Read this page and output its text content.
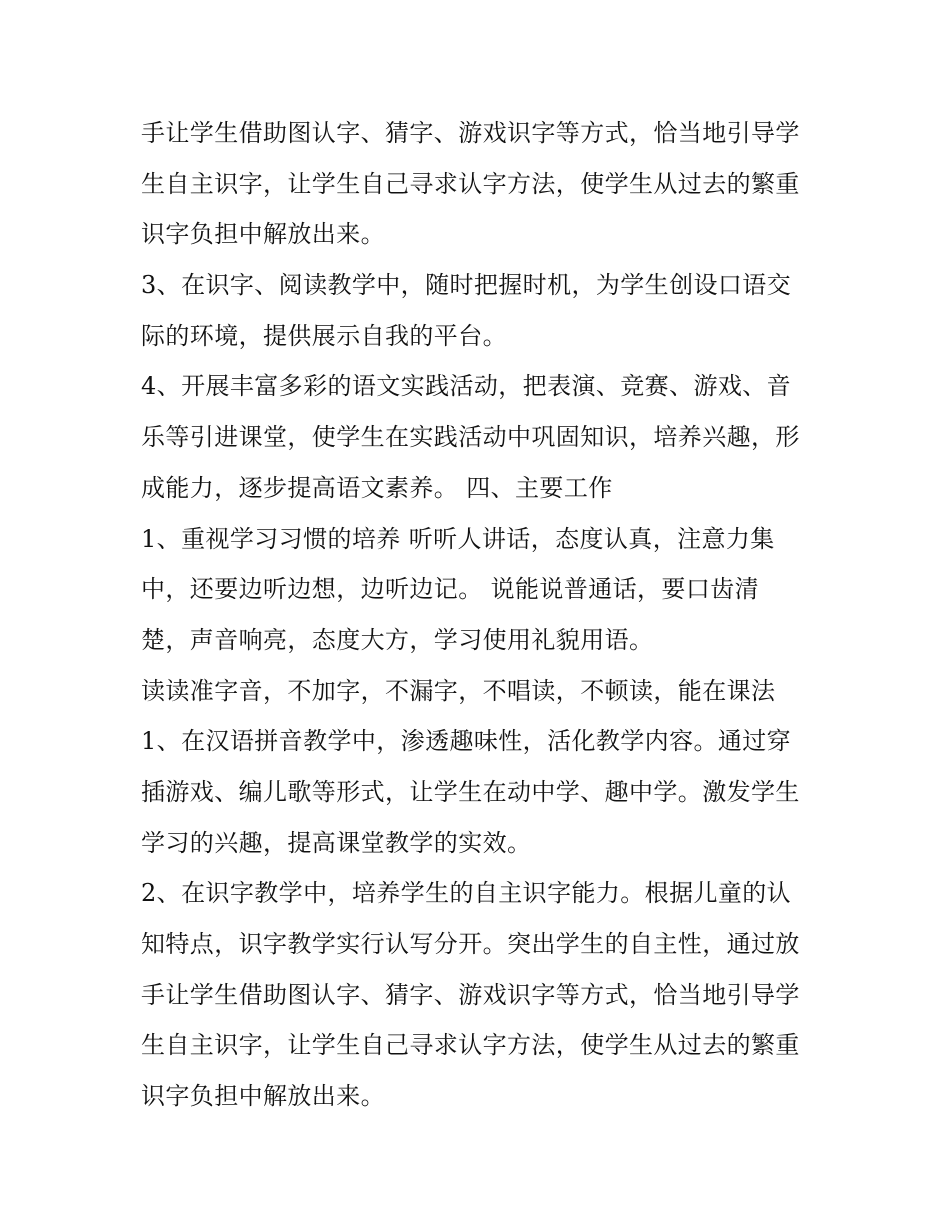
手让学生借助图认字、猜字、游戏识字等方式，恰当地引导学
生自主识字，让学生自己寻求认字方法，使学生从过去的繁重
识字负担中解放出来。
3、在识字、阅读教学中，随时把握时机，为学生创设口语交
际的环境，提供展示自我的平台。
4、开展丰富多彩的语文实践活动，把表演、竞赛、游戏、音
乐等引进课堂，使学生在实践活动中巩固知识，培养兴趣，形
成能力，逐步提高语文素养。 四、主要工作
1、重视学习习惯的培养 听听人讲话，态度认真，注意力集
中，还要边听边想，边听边记。 说能说普通话，要口齿清
楚，声音响亮，态度大方，学习使用礼貌用语。
读读准字音，不加字，不漏字，不唱读，不顿读，能在课法
1、在汉语拼音教学中，渗透趣味性，活化教学内容。通过穿
插游戏、编儿歌等形式，让学生在动中学、趣中学。激发学生
学习的兴趣，提高课堂教学的实效。
2、在识字教学中，培养学生的自主识字能力。根据儿童的认
知特点，识字教学实行认写分开。突出学生的自主性，通过放
手让学生借助图认字、猜字、游戏识字等方式，恰当地引导学
生自主识字，让学生自己寻求认字方法，使学生从过去的繁重
识字负担中解放出来。
